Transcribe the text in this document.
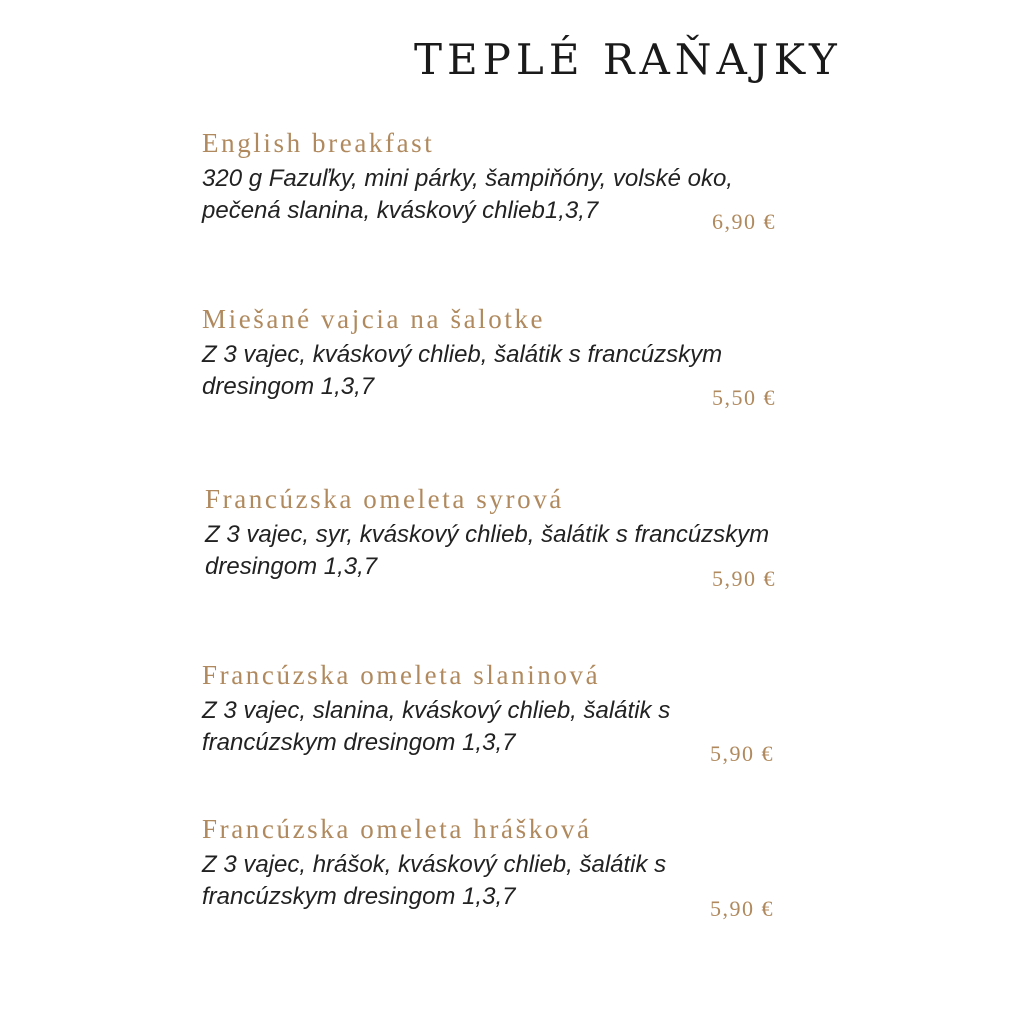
TEPLÉ RAŇAJKY
English breakfast
320 g Fazuľky, mini párky, šampiňóny, volské oko,
pečená slanina, kváskový chlieb1,3,7	6,90 €
Miešané vajcia na šalotke
Z 3 vajec, kváskový chlieb, šalátik s francúzskym
dresingom 1,3,7	5,50 €
Francúzska omeleta syrová
Z 3 vajec, syr, kváskový chlieb, šalátik s francúzskym
dresingom 1,3,7	5,90 €
Francúzska omeleta slaninová
Z 3 vajec, slanina, kváskový chlieb, šalátik s
francúzskym dresingom 1,3,7	5,90 €
Francúzska omeleta hrášková
Z 3 vajec, hrášok, kváskový chlieb, šalátik s
francúzskym dresingom 1,3,7	5,90 €
